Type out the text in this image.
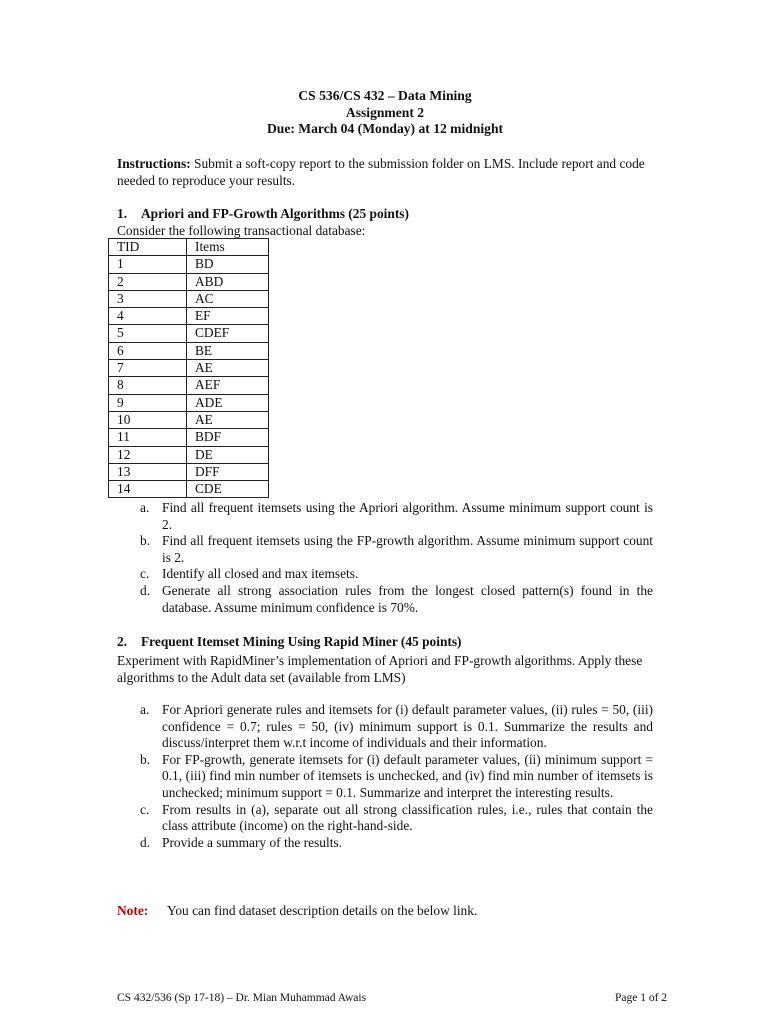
CS 536/CS 432 – Data Mining
Assignment 2
Due: March 04 (Monday) at 12 midnight
Instructions: Submit a soft-copy report to the submission folder on LMS. Include report and code needed to reproduce your results.
1. Apriori and FP-Growth Algorithms (25 points)
Consider the following transactional database:
TID	Items
1	BD
2	ABD
3	AC
4	EF
5	CDEF
6	BE
7	AE
8	AEF
9	ADE
10	AE
11	BDF
12	DE
13	DFF
14	CDE
a. Find all frequent itemsets using the Apriori algorithm. Assume minimum support count is 2.
b. Find all frequent itemsets using the FP-growth algorithm. Assume minimum support count is 2.
c. Identify all closed and max itemsets.
d. Generate all strong association rules from the longest closed pattern(s) found in the database. Assume minimum confidence is 70%.
2. Frequent Itemset Mining Using Rapid Miner (45 points)
Experiment with RapidMiner’s implementation of Apriori and FP-growth algorithms. Apply these algorithms to the Adult data set (available from LMS)
a. For Apriori generate rules and itemsets for (i) default parameter values, (ii) rules = 50, (iii) confidence = 0.7; rules = 50, (iv) minimum support is 0.1. Summarize the results and discuss/interpret them w.r.t income of individuals and their information.
b. For FP-growth, generate itemsets for (i) default parameter values, (ii) minimum support = 0.1, (iii) find min number of itemsets is unchecked, and (iv) find min number of itemsets is unchecked; minimum support = 0.1. Summarize and interpret the interesting results.
c. From results in (a), separate out all strong classification rules, i.e., rules that contain the class attribute (income) on the right-hand-side.
d. Provide a summary of the results.
Note: You can find dataset description details on the below link.
CS 432/536 (Sp 17-18) – Dr. Mian Muhammad Awais	Page 1 of 2
